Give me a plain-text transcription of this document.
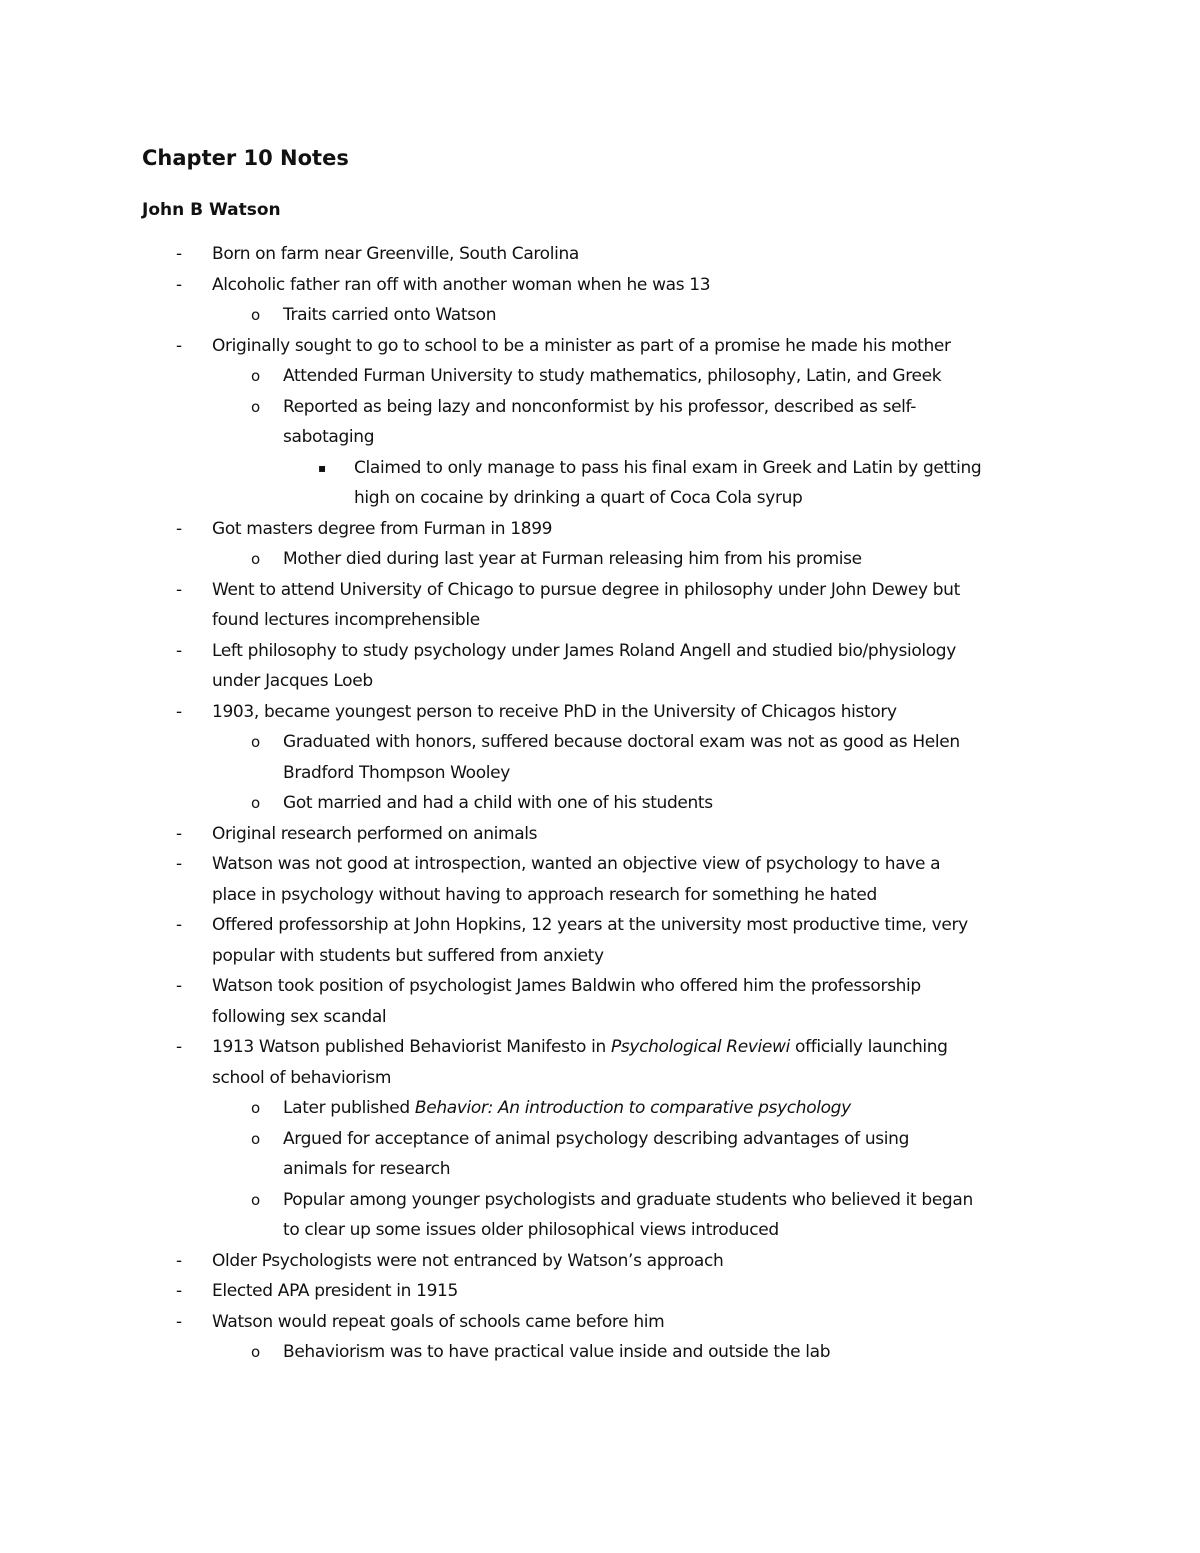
Chapter 10 Notes
John B Watson
- Born on farm near Greenville, South Carolina
- Alcoholic father ran off with another woman when he was 13
o Traits carried onto Watson
- Originally sought to go to school to be a minister as part of a promise he made his mother
o Attended Furman University to study mathematics, philosophy, Latin, and Greek
o Reported as being lazy and nonconformist by his professor, described as self-
sabotaging
▪ Claimed to only manage to pass his final exam in Greek and Latin by getting
high on cocaine by drinking a quart of Coca Cola syrup
- Got masters degree from Furman in 1899
o Mother died during last year at Furman releasing him from his promise
- Went to attend University of Chicago to pursue degree in philosophy under John Dewey but
found lectures incomprehensible
- Left philosophy to study psychology under James Roland Angell and studied bio/physiology
under Jacques Loeb
- 1903, became youngest person to receive PhD in the University of Chicagos history
o Graduated with honors, suffered because doctoral exam was not as good as Helen
Bradford Thompson Wooley
o Got married and had a child with one of his students
- Original research performed on animals
- Watson was not good at introspection, wanted an objective view of psychology to have a
place in psychology without having to approach research for something he hated
- Offered professorship at John Hopkins, 12 years at the university most productive time, very
popular with students but suffered from anxiety
- Watson took position of psychologist James Baldwin who offered him the professorship
following sex scandal
- 1913 Watson published Behaviorist Manifesto in Psychological Reviewi officially launching
school of behaviorism
o Later published Behavior: An introduction to comparative psychology
o Argued for acceptance of animal psychology describing advantages of using
animals for research
o Popular among younger psychologists and graduate students who believed it began
to clear up some issues older philosophical views introduced
- Older Psychologists were not entranced by Watson’s approach
- Elected APA president in 1915
- Watson would repeat goals of schools came before him
o Behaviorism was to have practical value inside and outside the lab
